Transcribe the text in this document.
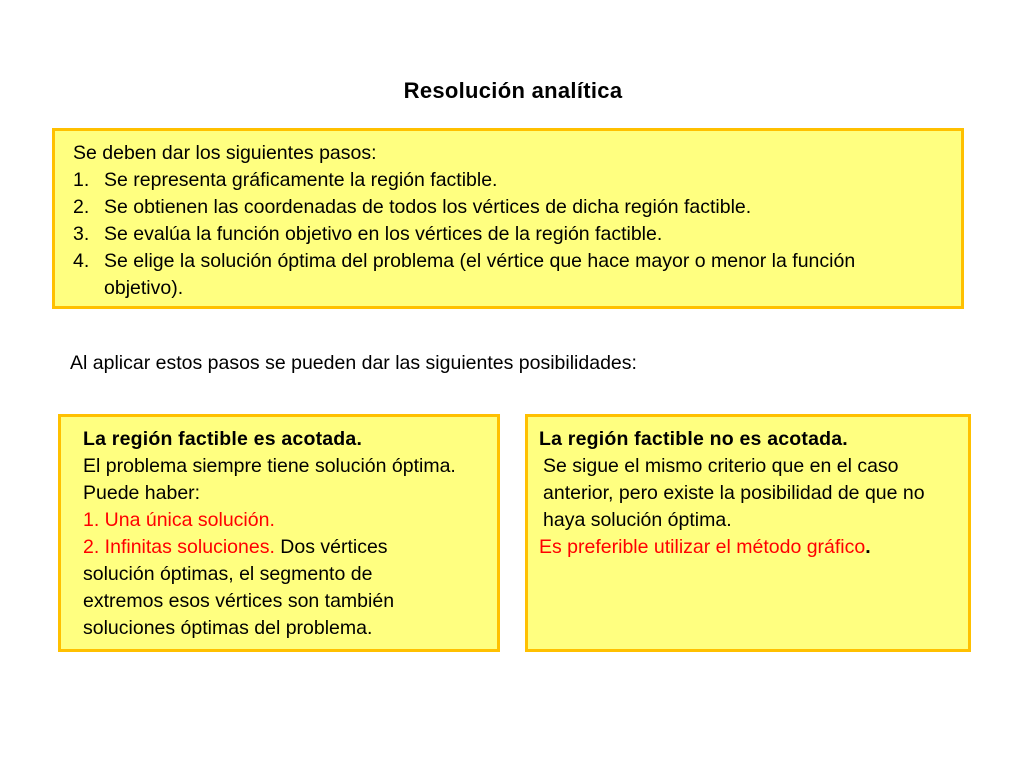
Resolución analítica
Se deben dar los siguientes pasos:
1. Se representa gráficamente la región factible.
2. Se obtienen las coordenadas de todos los vértices de dicha región factible.
3. Se evalúa la función objetivo en los vértices de la región factible.
4. Se elige la solución óptima del problema (el vértice que hace mayor o menor la función objetivo).
Al aplicar estos pasos se pueden dar las siguientes posibilidades:
La región factible es acotada.

El problema siempre tiene solución óptima. Puede haber:

1. Una única solución.

2. Infinitas soluciones. Dos vértices solución óptimas, el segmento de extremos esos vértices son también soluciones óptimas del problema.

La región factible no es acotada.

Se sigue el mismo criterio que en el caso anterior, pero existe la posibilidad de que no haya solución óptima.

Es preferible utilizar el método gráfico.
